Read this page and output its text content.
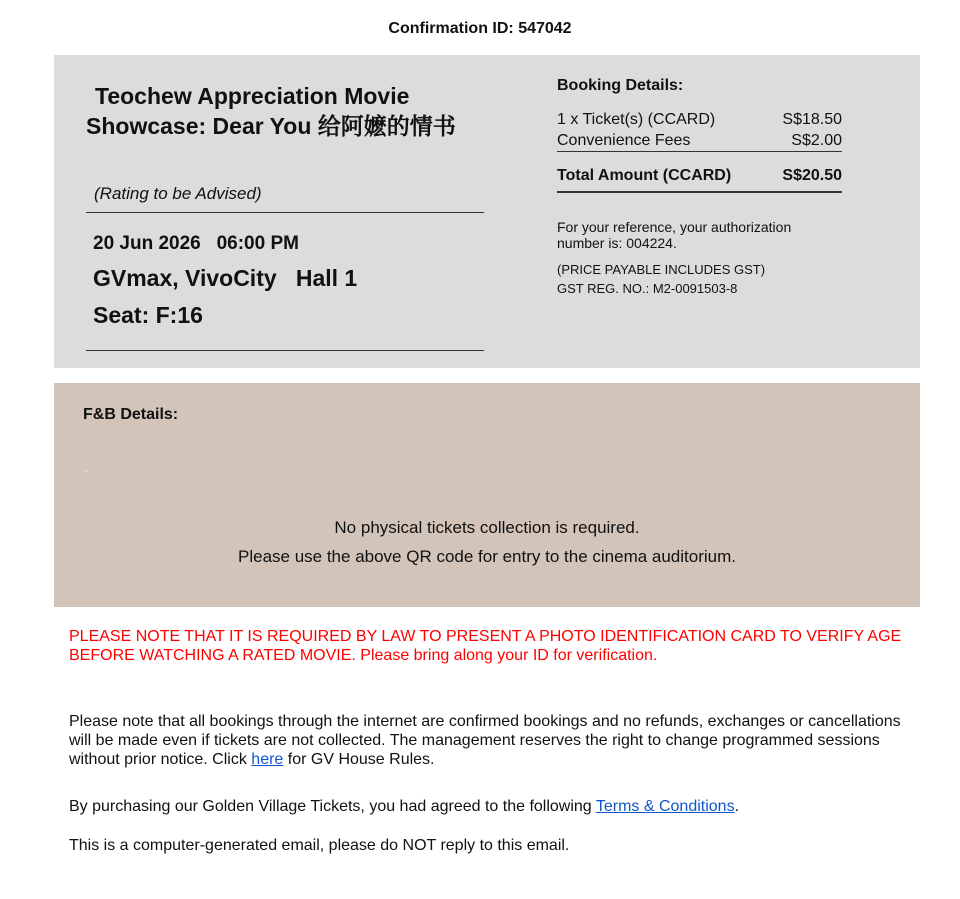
Confirmation ID: 547042
Teochew Appreciation Movie
Showcase: Dear You 给阿嬷的情书
(Rating to be Advised)
20 Jun 2026 06:00 PM
GVmax, VivoCity Hall 1
Seat: F:16
Booking Details:
1 x Ticket(s) (CCARD)	S$18.50
Convenience Fees	S$2.00
Total Amount (CCARD)	S$20.50
For your reference, your authorization number is: 004224.
(PRICE PAYABLE INCLUDES GST)
GST REG. NO.: M2-0091503-8
F&B Details:
-
No physical tickets collection is required.
Please use the above QR code for entry to the cinema auditorium.
PLEASE NOTE THAT IT IS REQUIRED BY LAW TO PRESENT A PHOTO IDENTIFICATION CARD TO VERIFY AGE BEFORE WATCHING A RATED MOVIE. Please bring along your ID for verification.
Please note that all bookings through the internet are confirmed bookings and no refunds, exchanges or cancellations will be made even if tickets are not collected. The management reserves the right to change programmed sessions without prior notice. Click here for GV House Rules.
By purchasing our Golden Village Tickets, you had agreed to the following Terms & Conditions.
This is a computer-generated email, please do NOT reply to this email.
